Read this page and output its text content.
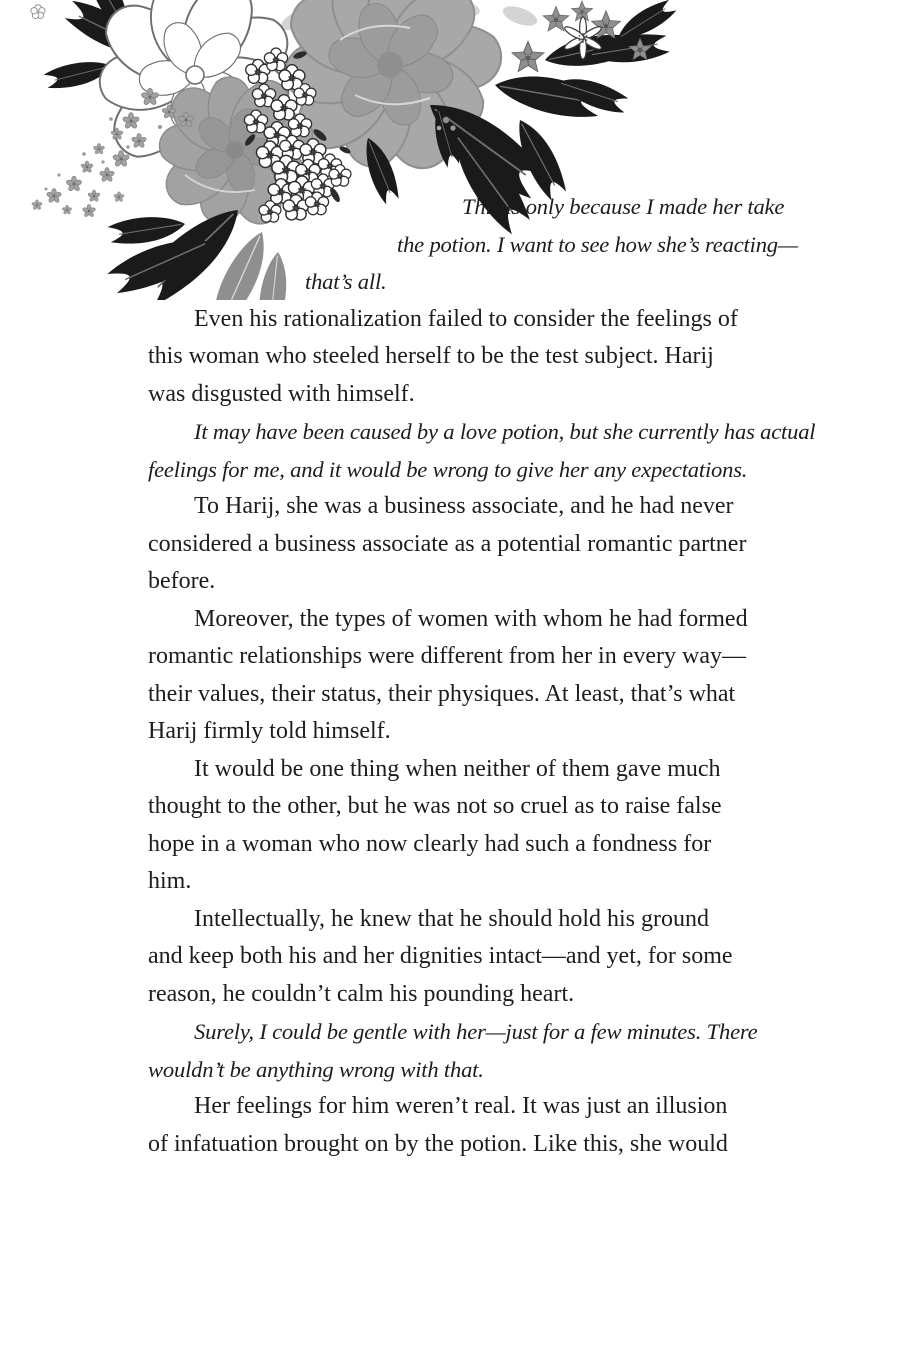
This is only because I made her take
the potion. I want to see how she’s reacting—
that’s all.
Even his rationalization failed to consider the feelings of
this woman who steeled herself to be the test subject. Harij
was disgusted with himself.
It may have been caused by a love potion, but she currently has actual
feelings for me, and it would be wrong to give her any expectations.
To Harij, she was a business associate, and he had never
considered a business associate as a potential romantic partner
before.
Moreover, the types of women with whom he had formed
romantic relationships were different from her in every way—
their values, their status, their physiques. At least, that’s what
Harij firmly told himself.
It would be one thing when neither of them gave much
thought to the other, but he was not so cruel as to raise false
hope in a woman who now clearly had such a fondness for
him.
Intellectually, he knew that he should hold his ground
and keep both his and her dignities intact—and yet, for some
reason, he couldn’t calm his pounding heart.
Surely, I could be gentle with her—just for a few minutes. There
wouldn’t be anything wrong with that.
Her feelings for him weren’t real. It was just an illusion
of infatuation brought on by the potion. Like this, she would
